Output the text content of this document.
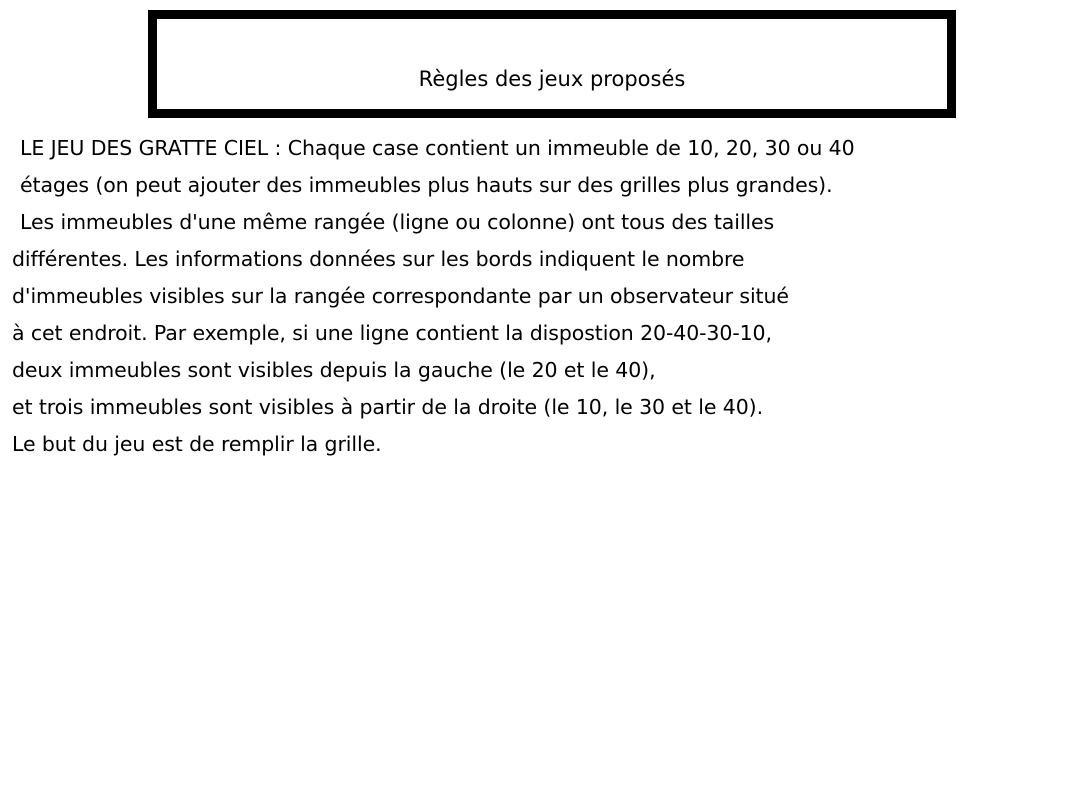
Règles des jeux proposés
LE JEU DES GRATTE CIEL : Chaque case contient un immeuble de 10, 20, 30 ou 40
étages (on peut ajouter des immeubles plus hauts sur des grilles plus grandes).
Les immeubles d'une même rangée (ligne ou colonne) ont tous des tailles
différentes. Les informations données sur les bords indiquent le nombre
d'immeubles visibles sur la rangée correspondante par un observateur situé
à cet endroit. Par exemple, si une ligne contient la dispostion 20-40-30-10,
deux immeubles sont visibles depuis la gauche (le 20 et le 40),
et trois immeubles sont visibles à partir de la droite (le 10, le 30 et le 40).
Le but du jeu est de remplir la grille.
